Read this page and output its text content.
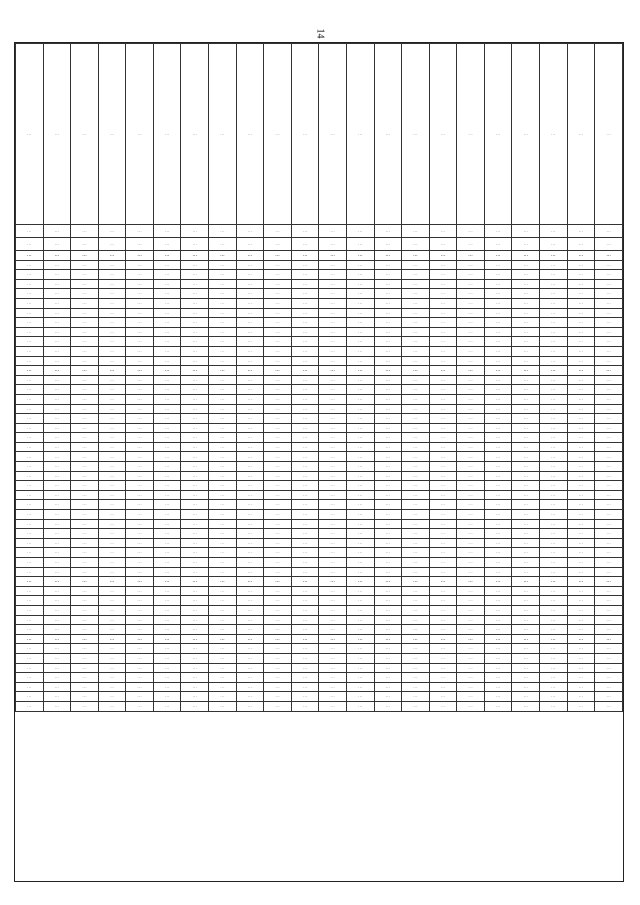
14
…	…	…	…	…	…	…	…	…	…	…	…	…	…	…	…	…	…	…	…	…	…
…	…	…	…	…	…	…	…	…	…	…	…	…	…	…	…	…	…	…	…	…	…
…	…	…	…	…	…	…	…	…	…	…	…	…	…	…	…	…	…	…	…	…	…
…	…	…	…	…	…	…	…	…	…	…	…	…	…	…	…	…	…	…	…	…	…
…	…	…	…	…	…	…	…	…	…	…	…	…	…	…	…	…	…	…	…	…	…
…	…	…	…	…	…	…	…	…	…	…	…	…	…	…	…	…	…	…	…	…	…
…	…	…	…	…	…	…	…	…	…	…	…	…	…	…	…	…	…	…	…	…	…
…	…	…	…	…	…	…	…	…	…	…	…	…	…	…	…	…	…	…	…	…	…
…	…	…	…	…	…	…	…	…	…	…	…	…	…	…	…	…	…	…	…	…	…
…	…	…	…	…	…	…	…	…	…	…	…	…	…	…	…	…	…	…	…	…	…
…	…	…	…	…	…	…	…	…	…	…	…	…	…	…	…	…	…	…	…	…	…
…	…	…	…	…	…	…	…	…	…	…	…	…	…	…	…	…	…	…	…	…	…
…	…	…	…	…	…	…	…	…	…	…	…	…	…	…	…	…	…	…	…	…	…
…	…	…	…	…	…	…	…	…	…	…	…	…	…	…	…	…	…	…	…	…	…
…	…	…	…	…	…	…	…	…	…	…	…	…	…	…	…	…	…	…	…	…	…
…	…	…	…	…	…	…	…	…	…	…	…	…	…	…	…	…	…	…	…	…	…
…	…	…	…	…	…	…	…	…	…	…	…	…	…	…	…	…	…	…	…	…	…
…	…	…	…	…	…	…	…	…	…	…	…	…	…	…	…	…	…	…	…	…	…
…	…	…	…	…	…	…	…	…	…	…	…	…	…	…	…	…	…	…	…	…	…
…	…	…	…	…	…	…	…	…	…	…	…	…	…	…	…	…	…	…	…	…	…
…	…	…	…	…	…	…	…	…	…	…	…	…	…	…	…	…	…	…	…	…	…
…	…	…	…	…	…	…	…	…	…	…	…	…	…	…	…	…	…	…	…	…	…
…	…	…	…	…	…	…	…	…	…	…	…	…	…	…	…	…	…	…	…	…	…
…	…	…	…	…	…	…	…	…	…	…	…	…	…	…	…	…	…	…	…	…	…
…	…	…	…	…	…	…	…	…	…	…	…	…	…	…	…	…	…	…	…	…	…
…	…	…	…	…	…	…	…	…	…	…	…	…	…	…	…	…	…	…	…	…	…
…	…	…	…	…	…	…	…	…	…	…	…	…	…	…	…	…	…	…	…	…	…
…	…	…	…	…	…	…	…	…	…	…	…	…	…	…	…	…	…	…	…	…	…
…	…	…	…	…	…	…	…	…	…	…	…	…	…	…	…	…	…	…	…	…	…
…	…	…	…	…	…	…	…	…	…	…	…	…	…	…	…	…	…	…	…	…	…
…	…	…	…	…	…	…	…	…	…	…	…	…	…	…	…	…	…	…	…	…	…
…	…	…	…	…	…	…	…	…	…	…	…	…	…	…	…	…	…	…	…	…	…
…	…	…	…	…	…	…	…	…	…	…	…	…	…	…	…	…	…	…	…	…	…
…	…	…	…	…	…	…	…	…	…	…	…	…	…	…	…	…	…	…	…	…	…
…	…	…	…	…	…	…	…	…	…	…	…	…	…	…	…	…	…	…	…	…	…
…	…	…	…	…	…	…	…	…	…	…	…	…	…	…	…	…	…	…	…	…	…
…	…	…	…	…	…	…	…	…	…	…	…	…	…	…	…	…	…	…	…	…	…
…	…	…	…	…	…	…	…	…	…	…	…	…	…	…	…	…	…	…	…	…	…
…	…	…	…	…	…	…	…	…	…	…	…	…	…	…	…	…	…	…	…	…	…
…	…	…	…	…	…	…	…	…	…	…	…	…	…	…	…	…	…	…	…	…	…
…	…	…	…	…	…	…	…	…	…	…	…	…	…	…	…	…	…	…	…	…	…
…	…	…	…	…	…	…	…	…	…	…	…	…	…	…	…	…	…	…	…	…	…
…	…	…	…	…	…	…	…	…	…	…	…	…	…	…	…	…	…	…	…	…	…
…	…	…	…	…	…	…	…	…	…	…	…	…	…	…	…	…	…	…	…	…	…
…	…	…	…	…	…	…	…	…	…	…	…	…	…	…	…	…	…	…	…	…	…
…	…	…	…	…	…	…	…	…	…	…	…	…	…	…	…	…	…	…	…	…	…
…	…	…	…	…	…	…	…	…	…	…	…	…	…	…	…	…	…	…	…	…	…
…	…	…	…	…	…	…	…	…	…	…	…	…	…	…	…	…	…	…	…	…	…
…	…	…	…	…	…	…	…	…	…	…	…	…	…	…	…	…	…	…	…	…	…
…	…	…	…	…	…	…	…	…	…	…	…	…	…	…	…	…	…	…	…	…	…
…	…	…	…	…	…	…	…	…	…	…	…	…	…	…	…	…	…	…	…	…	…
